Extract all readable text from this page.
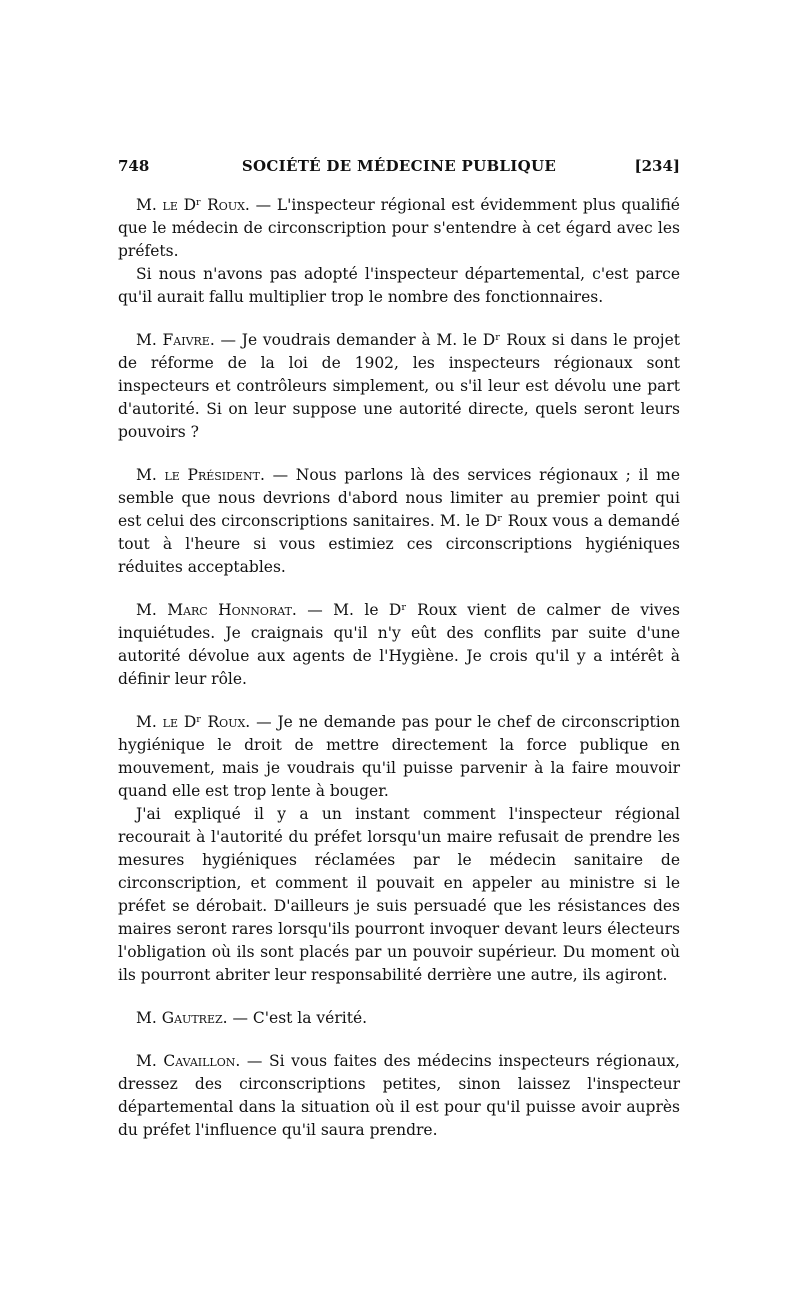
748	SOCIÉTÉ DE MÉDECINE PUBLIQUE	[234]

M. le Dʳ Roux. — L'inspecteur régional est évidemment plus qualifié que le médecin de circonscription pour s'entendre à cet égard avec les préfets.

Si nous n'avons pas adopté l'inspecteur départemental, c'est parce qu'il aurait fallu multiplier trop le nombre des fonctionnaires.

M. Faivre. — Je voudrais demander à M. le Dʳ Roux si dans le projet de réforme de la loi de 1902, les inspecteurs régionaux sont inspecteurs et contrôleurs simplement, ou s'il leur est dévolu une part d'autorité. Si on leur suppose une autorité directe, quels seront leurs pouvoirs ?

M. le Président. — Nous parlons là des services régionaux ; il me semble que nous devrions d'abord nous limiter au premier point qui est celui des circonscriptions sanitaires. M. le Dʳ Roux vous a demandé tout à l'heure si vous estimiez ces circonscriptions hygiéniques réduites acceptables.

M. Marc Honnorat. — M. le Dʳ Roux vient de calmer de vives inquiétudes. Je craignais qu'il n'y eût des conflits par suite d'une autorité dévolue aux agents de l'Hygiène. Je crois qu'il y a intérêt à définir leur rôle.

M. le Dʳ Roux. — Je ne demande pas pour le chef de circonscription hygiénique le droit de mettre directement la force publique en mouvement, mais je voudrais qu'il puisse parvenir à la faire mouvoir quand elle est trop lente à bouger.

J'ai expliqué il y a un instant comment l'inspecteur régional recourait à l'autorité du préfet lorsqu'un maire refusait de prendre les mesures hygiéniques réclamées par le médecin sanitaire de circonscription, et comment il pouvait en appeler au ministre si le préfet se dérobait. D'ailleurs je suis persuadé que les résistances des maires seront rares lorsqu'ils pourront invoquer devant leurs électeurs l'obligation où ils sont placés par un pouvoir supérieur. Du moment où ils pourront abriter leur responsabilité derrière une autre, ils agiront.

M. Gautrez. — C'est la vérité.

M. Cavaillon. — Si vous faites des médecins inspecteurs régionaux, dressez des circonscriptions petites, sinon laissez l'inspecteur départemental dans la situation où il est pour qu'il puisse avoir auprès du préfet l'influence qu'il saura prendre.
